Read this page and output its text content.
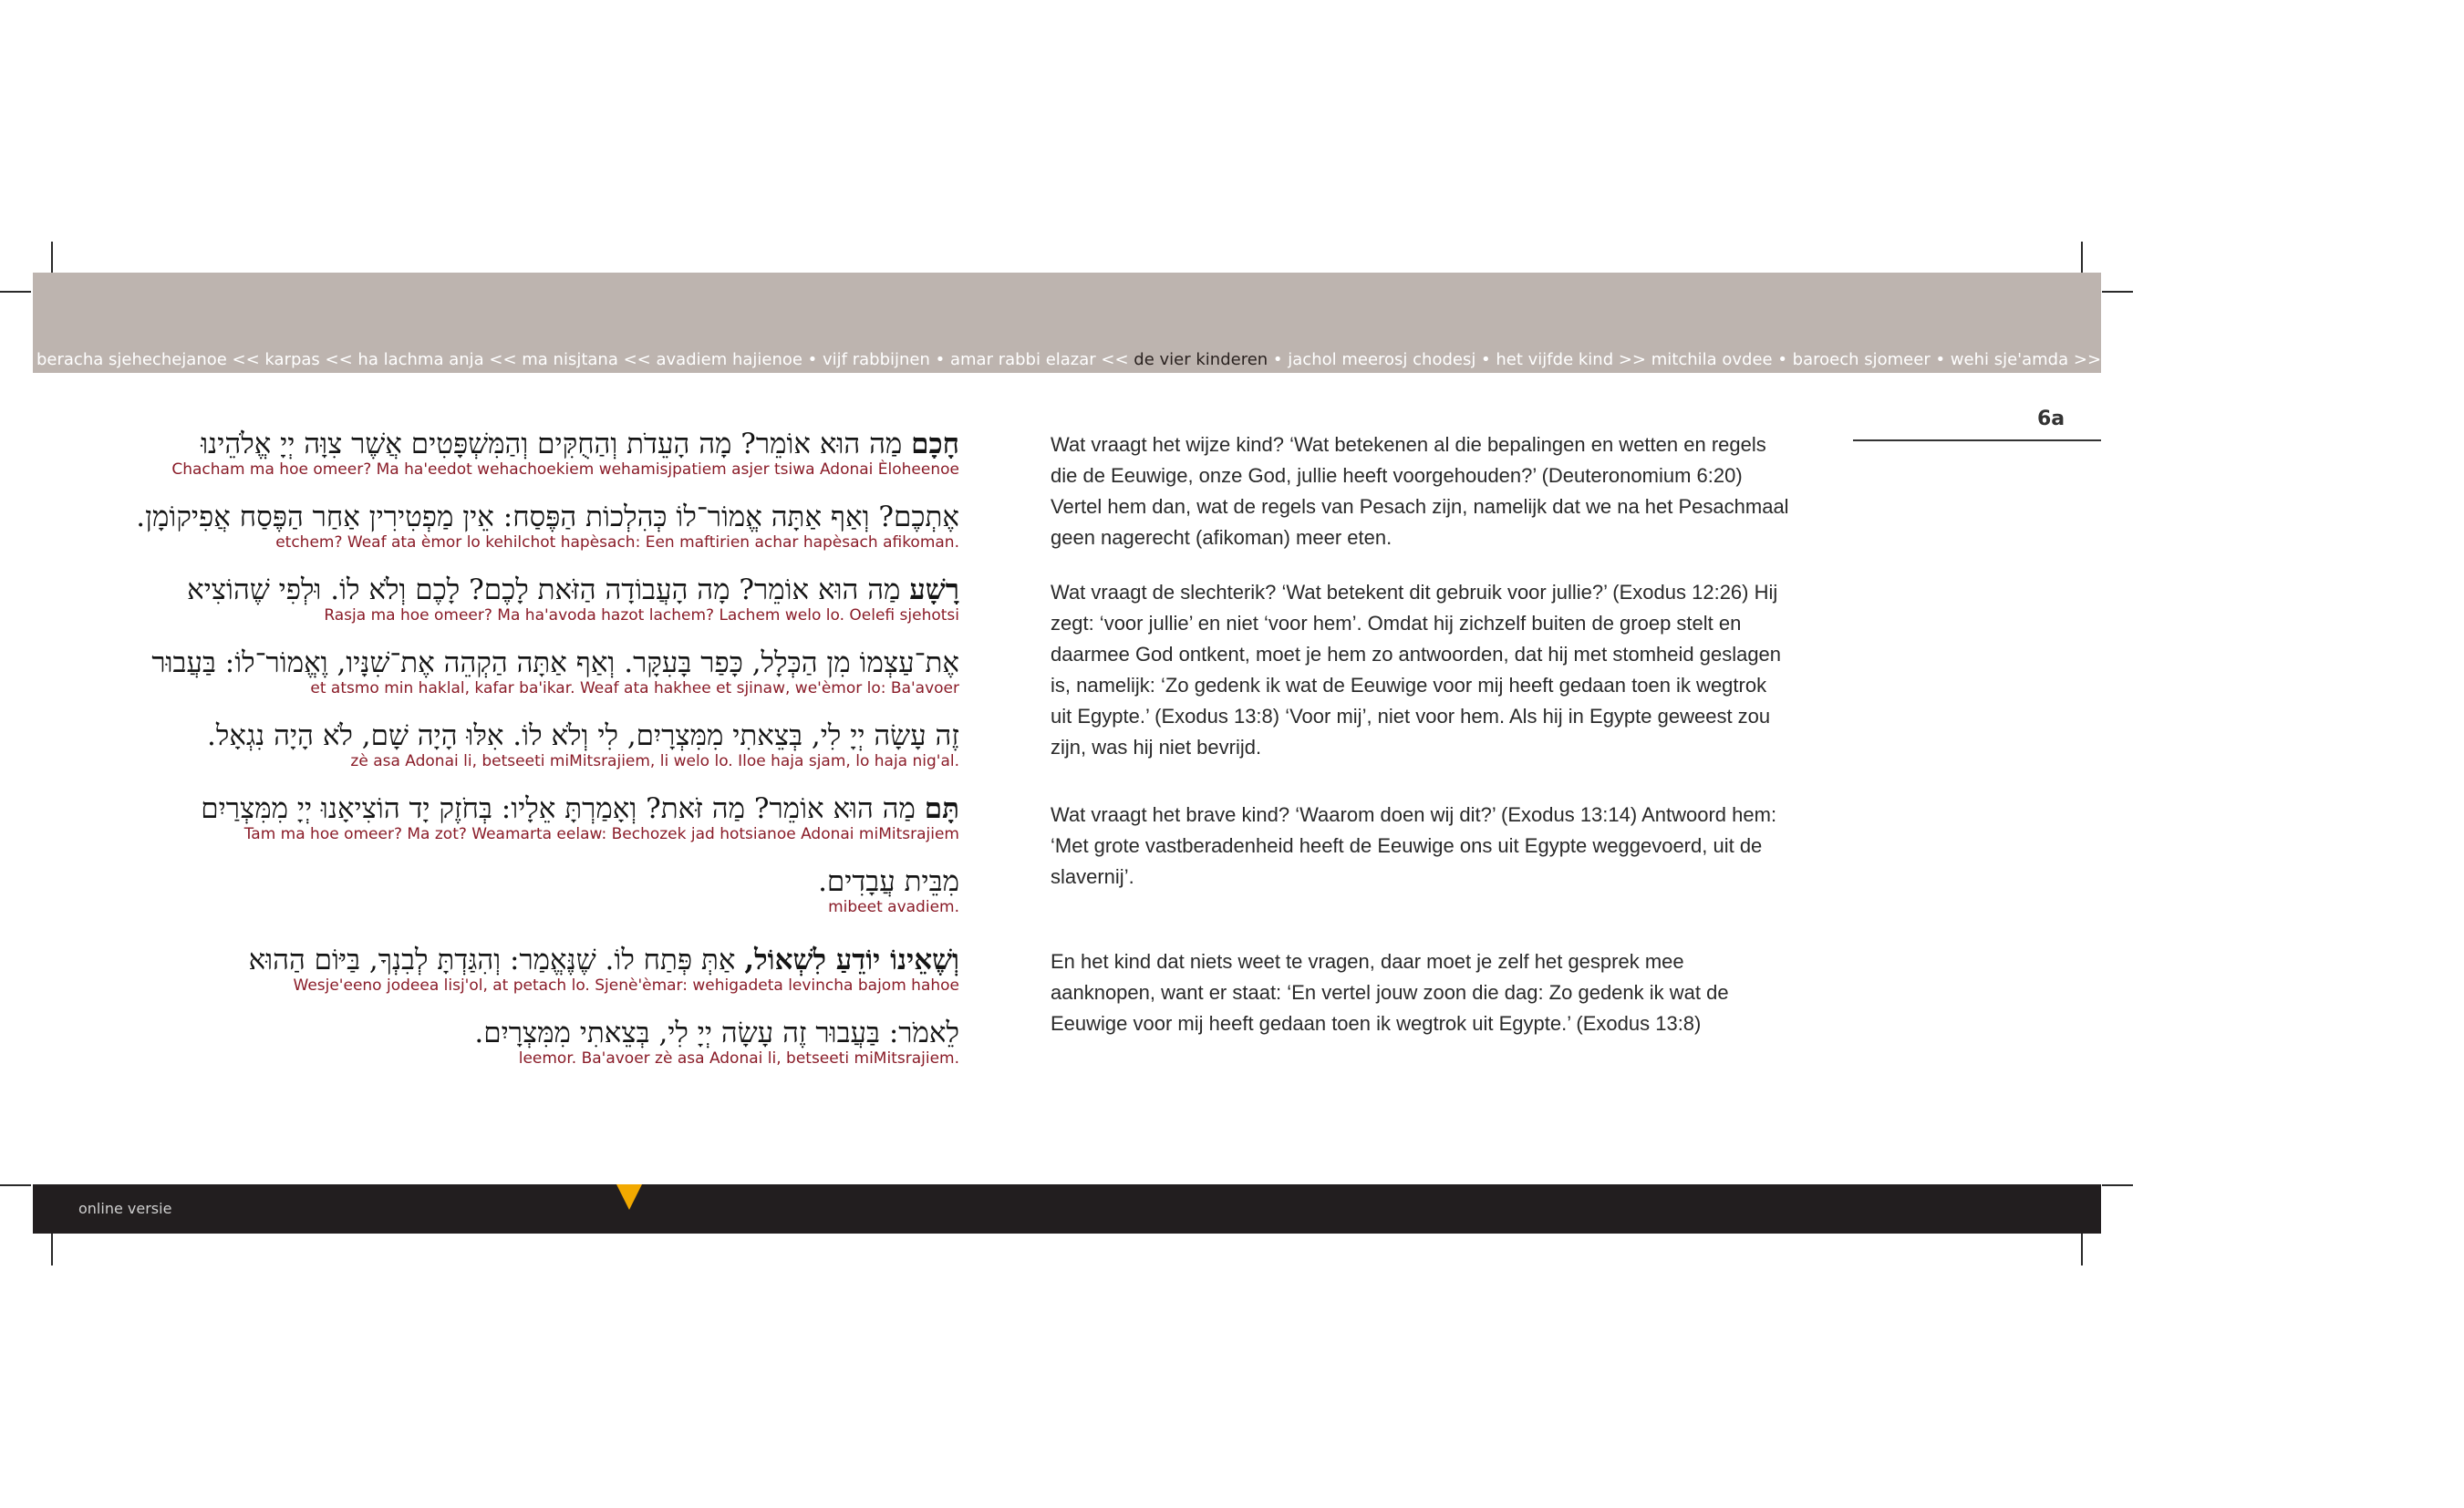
beracha sjehechejanoe << karpas << ha lachma anja << ma nisjtana << avadiem hajienoe • vijf rabbijnen • amar rabbi elazar << de vier kinderen • jachol meerosj chodesj • het vijfde kind >> mitchila ovdee • baroech sjomeer • wehi sje'amda >> magied >> de plagen • rabbi josee hagalie
6a
חָכָם מַה הוּא אוֹמֵר? מָה הָעֵדֹת וְהַחֻקִּים וְהַמִּשְׁפָּטִים אֲשֶׁר צִוָּה יְיָ אֱלֹהֵינוּ
Chacham ma hoe omeer? Ma ha'eedot wehachoekiem wehamisjpatiem asjer tsiwa Adonai Èloheenoe
אֶתְכֶם? וְאַף אַתָּה אֱמוֹר־לוֹ כְּהִלְכוֹת הַפֶּסַח: אֵין מַפְטִירִין אַחַר הַפֶּסַח אֲפִיקוֹמָן.
etchem? Weaf ata èmor lo kehilchot hapèsach: Een maftirien achar hapèsach afikoman.
רָשָׁע מַה הוּא אוֹמֵר? מָה הָעֲבוֹדָה הַזֹּאת לָכֶם? לָכֶם וְלֹא לוֹ. וּלְפִי שֶׁהוֹצִיא
Rasja ma hoe omeer? Ma ha'avoda hazot lachem? Lachem welo lo. Oelefi sjehotsi
אֶת־עַצְמוֹ מִן הַכְּלָל, כָּפַר בָּעִקָּר. וְאַף אַתָּה הַקְהֵה אֶת־שִׁנָּיו, וֶאֱמוֹר־לוֹ: בַּעֲבוּר
et atsmo min haklal, kafar ba'ikar. Weaf ata hakhee et sjinaw, we'èmor lo: Ba'avoer
זֶה עָשָׂה יְיָ לִי, בְּצֵאתִי מִמִּצְרָיִם, לִי וְלֹא לוֹ. אִלּוּ הָיָה שָׁם, לֹא הָיָה נִגְאָל.
zè asa Adonai li, betseeti miMitsrajiem, li welo lo. Iloe haja sjam, lo haja nig'al.
תָּם מַה הוּא אוֹמֵר? מַה זֹּאת? וְאָמַרְתָּ אֵלָיו: בְּחֹזֶק יָד הוֹצִיאָנוּ יְיָ מִמִּצְרַיִם
Tam ma hoe omeer? Ma zot? Weamarta eelaw: Bechozek jad hotsianoe Adonai miMitsrajiem
מִבֵּית עֲבָדִים.
mibeet avadiem.
וְשֶׁאֵינוֹ יוֹדֵעַ לִשְׁאוֹל, אַתְּ פְּתַח לוֹ. שֶׁנֶּאֱמַר: וְהִגַּדְתָּ לְבִנְךָ, בַּיּוֹם הַהוּא
Wesje'eeno jodeea lisj'ol, at petach lo. Sjenè'èmar: wehigadeta levincha bajom hahoe
לֵאמֹר: בַּעֲבוּר זֶה עָשָׂה יְיָ לִי, בְּצֵאתִי מִמִּצְרָיִם.
leemor. Ba'avoer zè asa Adonai li, betseeti miMitsrajiem.

Wat vraagt het wijze kind? ‘Wat betekenen al die bepalingen en wetten en regels die de Eeuwige, onze God, jullie heeft voorgehouden?’ (Deuteronomium 6:20) Vertel hem dan, wat de regels van Pesach zijn, namelijk dat we na het Pesachmaal geen nagerecht (afikoman) meer eten.

Wat vraagt de slechterik? ‘Wat betekent dit gebruik voor jullie?’ (Exodus 12:26) Hij zegt: ‘voor jullie’ en niet ‘voor hem’. Omdat hij zichzelf buiten de groep stelt en daarmee God ontkent, moet je hem zo antwoorden, dat hij met stomheid geslagen is, namelijk: ‘Zo gedenk ik wat de Eeuwige voor mij heeft gedaan toen ik wegtrok uit Egypte.’ (Exodus 13:8) ‘Voor mij’, niet voor hem. Als hij in Egypte geweest zou zijn, was hij niet bevrijd.

Wat vraagt het brave kind? ‘Waarom doen wij dit?’ (Exodus 13:14) Antwoord hem: ‘Met grote vastberadenheid heeft de Eeuwige ons uit Egypte weggevoerd, uit de slavernij’.

En het kind dat niets weet te vragen, daar moet je zelf het gesprek mee aanknopen, want er staat: ‘En vertel jouw zoon die dag: Zo gedenk ik wat de Eeuwige voor mij heeft gedaan toen ik wegtrok uit Egypte.’ (Exodus 13:8)

online versie
